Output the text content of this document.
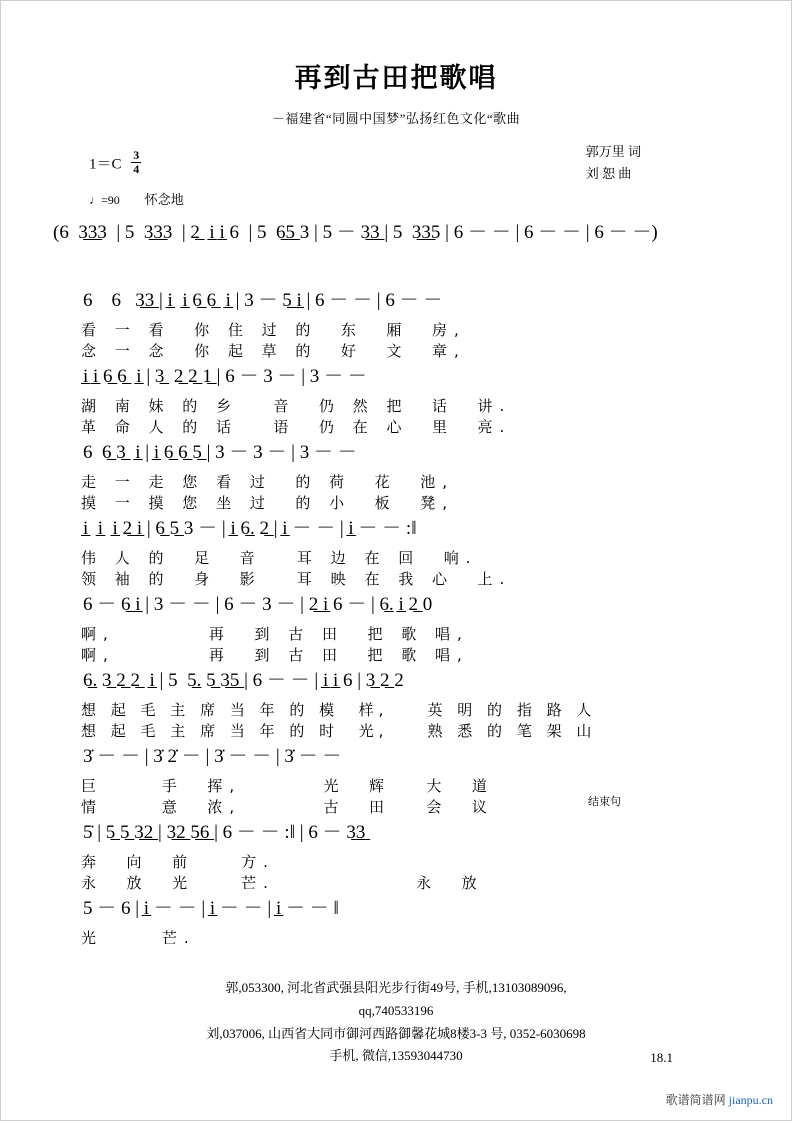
再到古田把歌唱
－福建省“同圆中国梦”弘扬红色文化“歌曲
$1=C \frac{3}{4}$	郭万里 词
刘 恕 曲
♩=90 怀念地
(6  3̲3̲3  | 5  3̲3̲3  | 2̲  i̲ i̲ 6  | 5  6̲5̲ 3 | 5 － 3̲3̲ | 5  3̲3̲5 | 6 － － | 6 － － | 6 － －)
6    6   3̲3̲ | i̲  i̲ 6̲ 6̲  i̲ | 3 － 5̲ i̲ | 6 － － | 6 － －
看 一 看  你 住 过 的  东  厢  房,
念 一 念  你 起 草 的  好  文  章,
i̲ i̲ 6̲ 6̲  i̲ | 3̲  2̲ 2̲ 1̲ | 6 － 3 － | 3 － －
湖 南 妹 的 乡   音  仍 然 把  话  讲.
革 命 人 的 话   语  仍 在 心  里  亮.
6  6̲ 3̲  i̲ | i̲ 6̲ 6̲ 5̲ | 3 － 3 － | 3 － －
走 一 走 您 看 过  的 荷  花  池,
摸 一 摸 您 坐 过  的 小  板  凳,
i̲  i̲  i̲ 2̲ i̲ | 6̲ 5̲ 3 － | i̲ 6̲. 2̲ | i̲ － － | i̲ － － :‖
伟 人 的  足  音   耳 边 在 回  响.
领 袖 的  身  影   耳 映 在 我 心  上.
6 － 6̲ i̲ | 3 － － | 6 － 3 － | 2̲ i̲ 6 － | 6̲. i̲ 2̲ 0
啊,        再  到 古 田  把 歌 唱,
啊,        再  到 古 田  把 歌 唱,
6̲. 3̲ 2̲ 2̲  i̲ | 5  5̲. 5̲ 3̲5̲ | 6 － － | i̲ i̲ 6 | 3̲ 2̲ 2
想 起 毛 主 席 当 年 的 模  样,    英 明 的 指 路 人
想 起 毛 主 席 当 年 的 时  光,    熟 悉 的 笔 架 山
3̇ － － | 3̇ 2̇ － | 3̇ － － | 3̇ － －
巨     手  挥,       光  辉   大  道
情     意  浓,       古  田   会  议	结束句
5̇ | 5̲ 5̲ 3̲2̲ | 3̲2̲ 5̲6̲ | 6 － － :‖ | 6 － 3̲3̲
奔  向  前    方.
永  放  光    芒.            永  放
5 － 6 | i̲ － － | i̲ － － | i̲ － － ‖
光     芒.
郭,053300, 河北省武强县阳光步行街49号, 手机,13103089096,
qq,740533196
刘,037006, 山西省大同市御河西路御馨花城8楼3-3 号, 0352-6030698
手机, 微信,13593044730	18.1
歌谱简谱网 jianpu.cn
